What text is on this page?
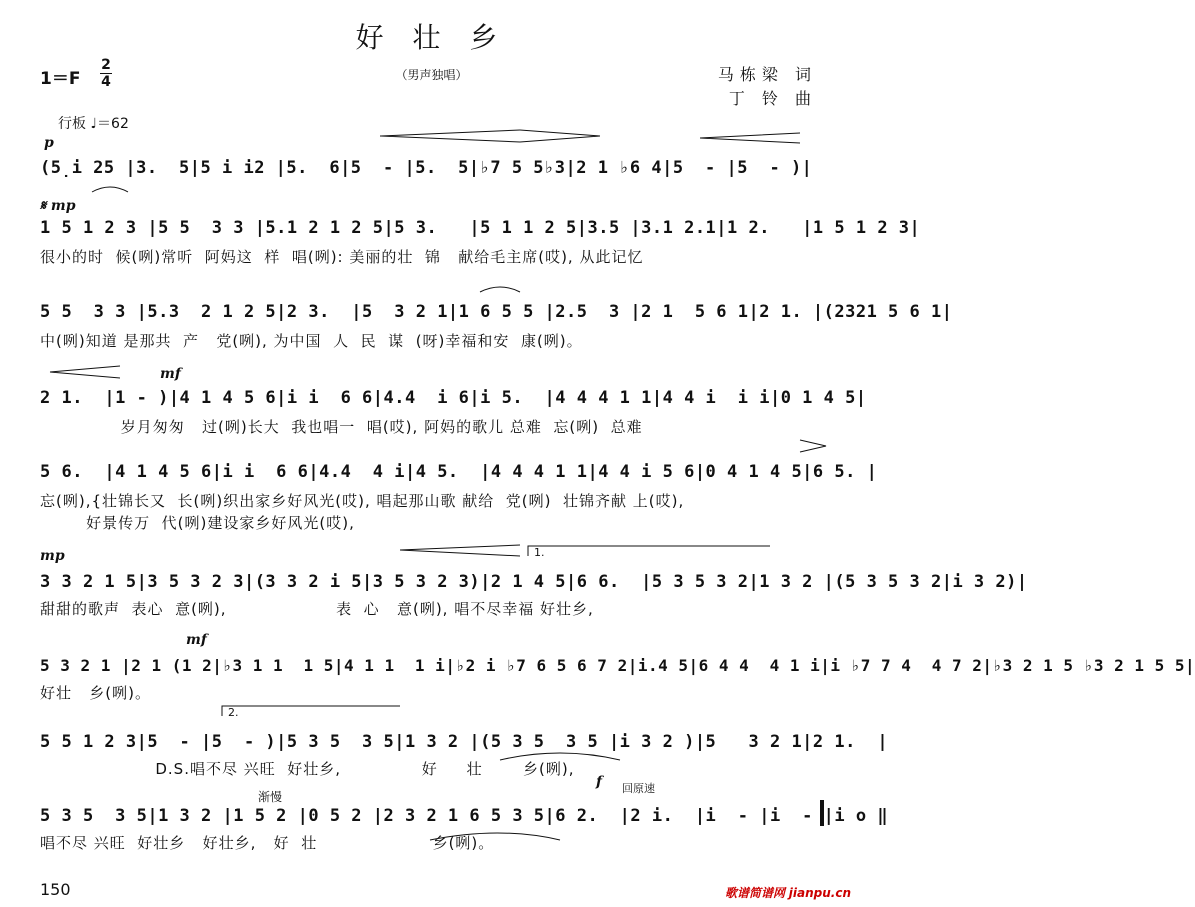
好 壮 乡
（男声独唱）	马栋梁 词
丁 铃 曲
1＝F
2
4
行板 ♩＝62
p
𝄋 mp
mf
mp
mf
f
渐慢
回原速
1.
2.
(5̣i 25 |3.  5|5 i i2 |5.  6|5  - |5.  5|♭7 5 5♭3|2 1 ♭6 4|5  - |5  - )|
1 5 1 2 3 |5 5  3 3 |5.1 2 1 2 5|5 3.   |5 1 1 2 5|3.5 |3.1 2.1|1 2.   |1 5 1 2 3|
很小的时  候(咧)常听  阿妈这  样  唱(咧): 美丽的壮  锦   献给毛主席(哎), 从此记忆
5 5  3 3 |5.3  2 1 2 5|2 3.  |5  3 2 1|1 6 5 5 |2.5  3 |2 1  5 6 1|2 1. |(2321 5 6 1|
中(咧)知道 是那共  产   党(咧), 为中国  人  民  谋  (呀)幸福和安  康(咧)。
2 1.  |1 - )|4 1 4 5 6|i i  6 6|4.4  i 6|i 5.  |4 4 4 1 1|4 4 i  i i|0 1 4 5|
岁月匆匆   过(咧)长大  我也唱一  唱(哎), 阿妈的歌儿 总难  忘(咧)  总难
5 6.  |4 1 4 5 6|i i  6 6|4.4  4 i|4 5.  |4 4 4 1 1|4 4 i 5 6|0 4 1 4 5|6 5. |
忘(咧),{壮锦长又  长(咧)织出家乡好风光(哎), 唱起那山歌 献给  党(咧)  壮锦齐献 上(哎),
好景传万  代(咧)建设家乡好风光(哎),
3 3 2 1 5|3 5 3 2 3|(3 3 2 i 5|3 5 3 2 3)|2 1 4 5|6 6.  |5 3 5 3 2|1 3 2 |(5 3 5 3 2|i 3 2)|
甜甜的歌声  表心  意(咧),                   表  心   意(咧), 唱不尽幸福 好壮乡,
5 3 2 1 |2 1 (1 2|♭3 1 1  1 5|4 1 1  1 i|♭2 i ♭7 6 5 6 7 2|i.4 5|6 4 4  4 1 i|i ♭7 7 4  4 7 2|♭3 2 1 5 ♭3 2 1 5 5|
好壮   乡(咧)。
5 5 1 2 3|5  - |5  - )|5 3 5  3 5|1 3 2 |(5 3 5  3 5 |i 3 2 )|5   3 2 1|2 1.  |
D.S.唱不尽 兴旺  好壮乡,              好     壮       乡(咧),
5 3 5  3 5|1 3 2 |1 5 2 |0 5 2 |2 3 2 1 6 5 3 5|6 2.  |2 i.  |i  - |i  - |i o ‖
唱不尽 兴旺  好壮乡   好壮乡,   好  壮                    乡(咧)。
150	歌谱简谱网 jianpu.cn
